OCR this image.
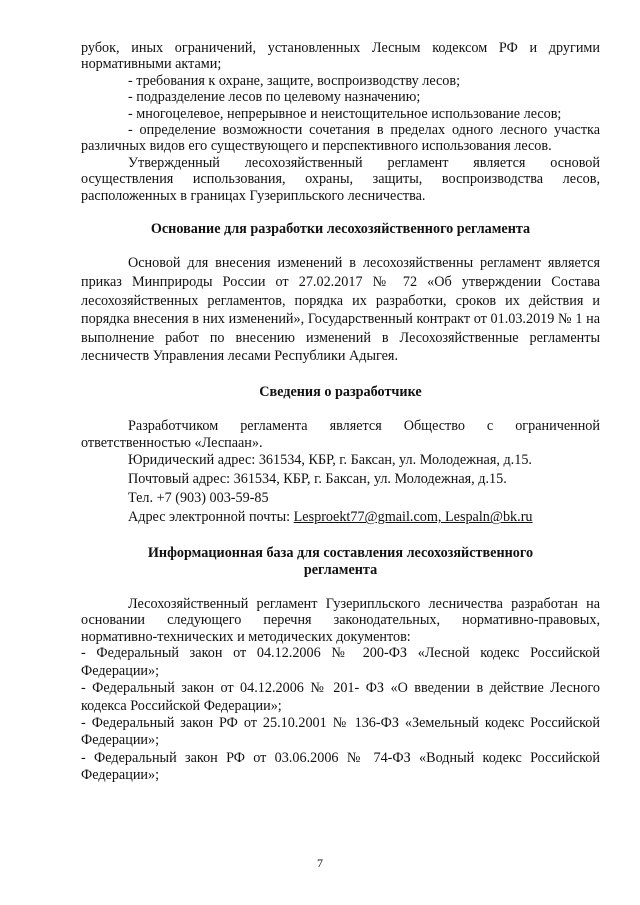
рубок, иных ограничений, установленных Лесным кодексом РФ и другими нормативными актами;

- требования к охране, защите, воспроизводству лесов;

- подразделение лесов по целевому назначению;

- многоцелевое, непрерывное и неистощительное использование лесов;

- определение возможности сочетания в пределах одного лесного участка различных видов его существующего и перспективного использования лесов.

Утвержденный лесохозяйственный регламент является основой осуществления использования, охраны, защиты, воспроизводства лесов, расположенных в границах Гузерипльского лесничества.

Основание для разработки лесохозяйственного регламента

Основой для внесения изменений в лесохозяйственны регламент является приказ Минприроды России от 27.02.2017 № 72 «Об утверждении Состава лесохозяйственных регламентов, порядка их разработки, сроков их действия и порядка внесения в них изменений», Государственный контракт от 01.03.2019 № 1 на выполнение работ по внесению изменений в Лесохозяйственные регламенты лесничеств Управления лесами Республики Адыгея.

Сведения о разработчике

Разработчиком регламента является Общество с ограниченной ответственностью «Леспаан».

Юридический адрес: 361534, КБР, г. Баксан, ул. Молодежная, д.15.

Почтовый адрес: 361534, КБР, г. Баксан, ул. Молодежная, д.15.

Тел. +7 (903) 003-59-85

Адрес электронной почты: Lesproekt77@gmail.com, Lespaln@bk.ru

Информационная база для составления лесохозяйственного
регламента

Лесохозяйственный регламент Гузерипльского лесничества разработан на основании следующего перечня законодательных, нормативно-правовых, нормативно-технических и методических документов:

- Федеральный закон от 04.12.2006 № 200-ФЗ «Лесной кодекс Российской Федерации»;

- Федеральный закон от 04.12.2006 № 201- ФЗ «О введении в действие Лесного кодекса Российской Федерации»;

- Федеральный закон РФ от 25.10.2001 № 136-ФЗ «Земельный кодекс Российской Федерации»;

- Федеральный закон РФ от 03.06.2006 № 74-ФЗ «Водный кодекс Российской Федерации»;

7
